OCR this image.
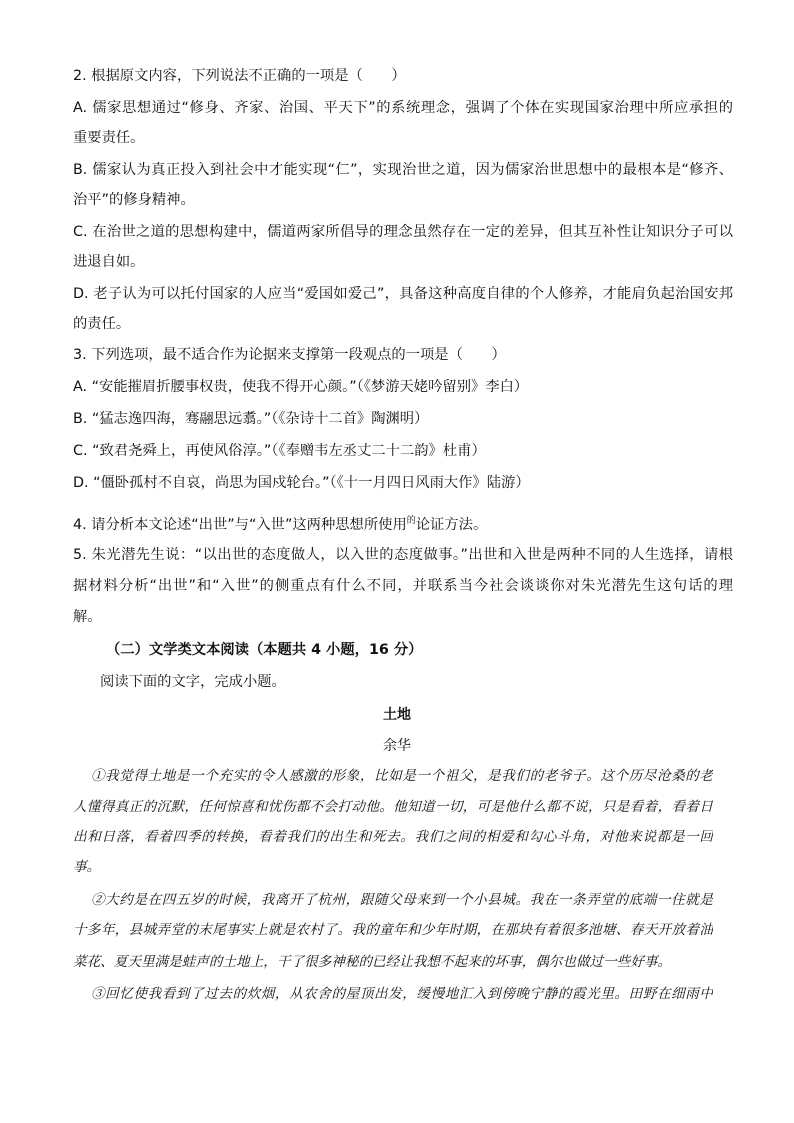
2. 根据原文内容，下列说法不正确的一项是（　　）
A. 儒家思想通过“修身、齐家、治国、平天下”的系统理念，强调了个体在实现国家治理中所应承担的
重要责任。
B. 儒家认为真正投入到社会中才能实现“仁”，实现治世之道，因为儒家治世思想中的最根本是“修齐、
治平”的修身精神。
C. 在治世之道的思想构建中，儒道两家所倡导的理念虽然存在一定的差异，但其互补性让知识分子可以
进退自如。
D. 老子认为可以托付国家的人应当“爱国如爱己”，具备这种高度自律的个人修养，才能肩负起治国安邦
的责任。
3. 下列选项，最不适合作为论据来支撑第一段观点的一项是（　　）
A. “安能摧眉折腰事权贵，使我不得开心颜。”（《梦游天姥吟留别》李白）
B. “猛志逸四海，骞翮思远翥。”（《杂诗十二首》陶渊明）
C. “致君尧舜上，再使风俗淳。”（《奉赠韦左丞丈二十二韵》杜甫）
D. “僵卧孤村不自哀，尚思为国戍轮台。”（《十一月四日风雨大作》陆游）
4. 请分析本文论述“出世”与“入世”这两种思想所使用$^的$论证方法。
5. 朱光潜先生说：“以出世的态度做人，以入世的态度做事。”出世和入世是两种不同的人生选择，请根
据材料分析“出世”和“入世”的侧重点有什么不同，并联系当今社会谈谈你对朱光潜先生这句话的理
解。
（二）文学类文本阅读（本题共 4 小题，16 分）
阅读下面的文字，完成小题。
土地
余华
①我觉得土地是一个充实的令人感激的形象，比如是一个祖父，是我们的老爷子。这个历尽沧桑的老
人懂得真正的沉默，任何惊喜和忧伤都不会打动他。他知道一切，可是他什么都不说，只是看着，看着日
出和日落，看着四季的转换，看着我们的出生和死去。我们之间的相爱和勾心斗角，对他来说都是一回
事。
②大约是在四五岁的时候，我离开了杭州，跟随父母来到一个小县城。我在一条弄堂的底端一住就是
十多年，县城弄堂的末尾事实上就是农村了。我的童年和少年时期，在那块有着很多池塘、春天开放着油
菜花、夏天里满是蛙声的土地上，干了很多神秘的已经让我想不起来的坏事，偶尔也做过一些好事。
③回忆使我看到了过去的炊烟，从农舍的屋顶出发，缓慢地汇入到傍晚宁静的霞光里。田野在细雨中
